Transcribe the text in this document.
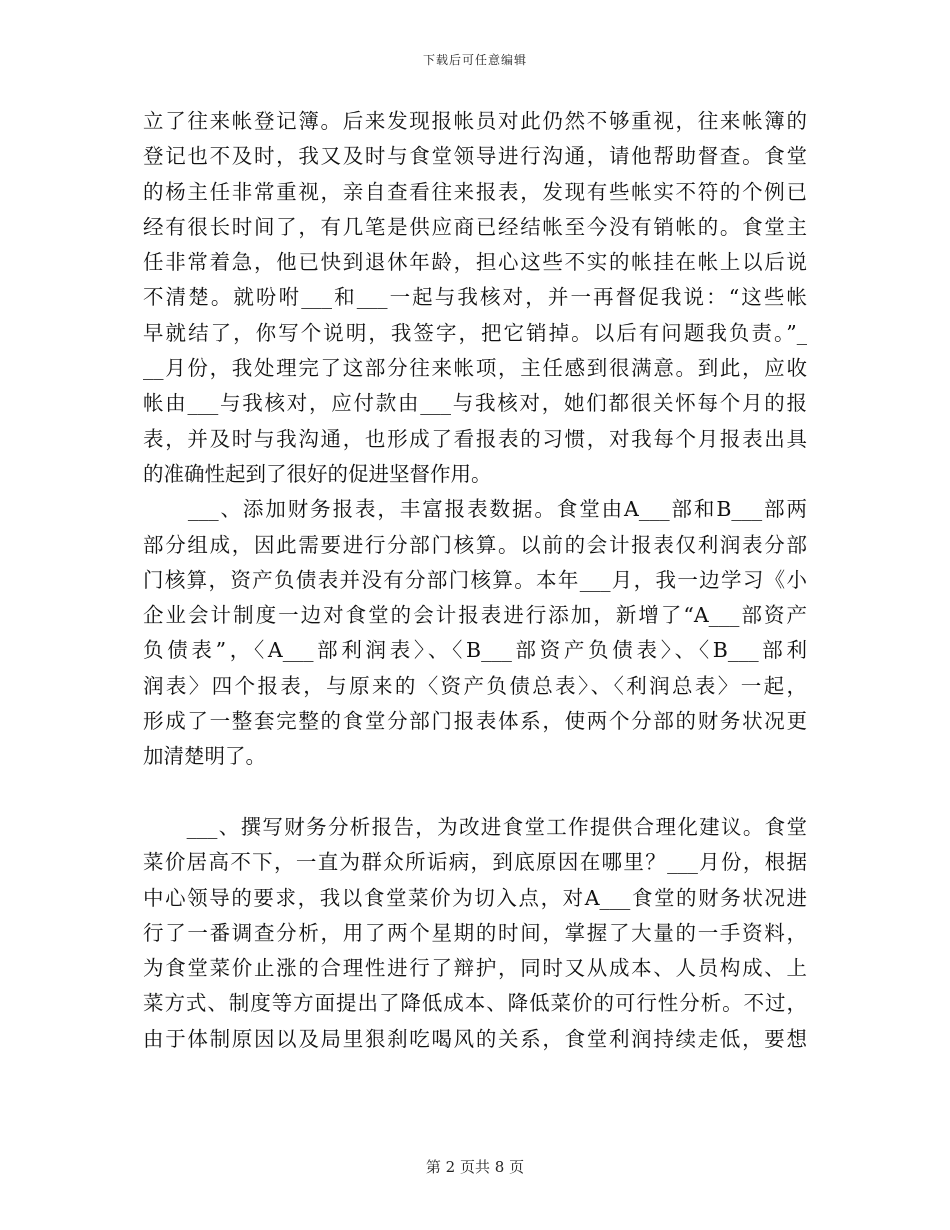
下载后可任意编辑
立了往来帐登记簿。后来发现报帐员对此仍然不够重视，往来帐簿的
登记也不及时，我又及时与食堂领导进行沟通，请他帮助督查。食堂
的杨主任非常重视，亲自查看往来报表，发现有些帐实不符的个例已
经有很长时间了，有几笔是供应商已经结帐至今没有销帐的。食堂主
任非常着急，他已快到退休年龄，担心这些不实的帐挂在帐上以后说
不清楚。就吩咐___和___一起与我核对，并一再督促我说：“这些帐
早就结了，你写个说明，我签字，把它销掉。以后有问题我负责。”_
__月份，我处理完了这部分往来帐项，主任感到很满意。到此，应收
帐由___与我核对，应付款由___与我核对，她们都很关怀每个月的报
表，并及时与我沟通，也形成了看报表的习惯，对我每个月报表出具
的准确性起到了很好的促进坚督作用。
　　___、添加财务报表，丰富报表数据。食堂由A___部和B___部两
部分组成，因此需要进行分部门核算。以前的会计报表仅利润表分部
门核算，资产负债表并没有分部门核算。本年___月，我一边学习《小
企业会计制度一边对食堂的会计报表进行添加，新增了“A___部资产
负债表”，〈A___部利润表〉、〈B___部资产负债表〉、〈B___部利
润表〉四个报表，与原来的〈资产负债总表〉、〈利润总表〉一起，
形成了一整套完整的食堂分部门报表体系，使两个分部的财务状况更
加清楚明了。
　　___、撰写财务分析报告，为改进食堂工作提供合理化建议。食堂
菜价居高不下，一直为群众所诟病，到底原因在哪里？___月份，根据
中心领导的要求，我以食堂菜价为切入点，对A___食堂的财务状况进
行了一番调查分析，用了两个星期的时间，掌握了大量的一手资料，
为食堂菜价止涨的合理性进行了辩护，同时又从成本、人员构成、上
菜方式、制度等方面提出了降低成本、降低菜价的可行性分析。不过，
由于体制原因以及局里狠刹吃喝风的关系，食堂利润持续走低，要想
第 2 页共 8 页
